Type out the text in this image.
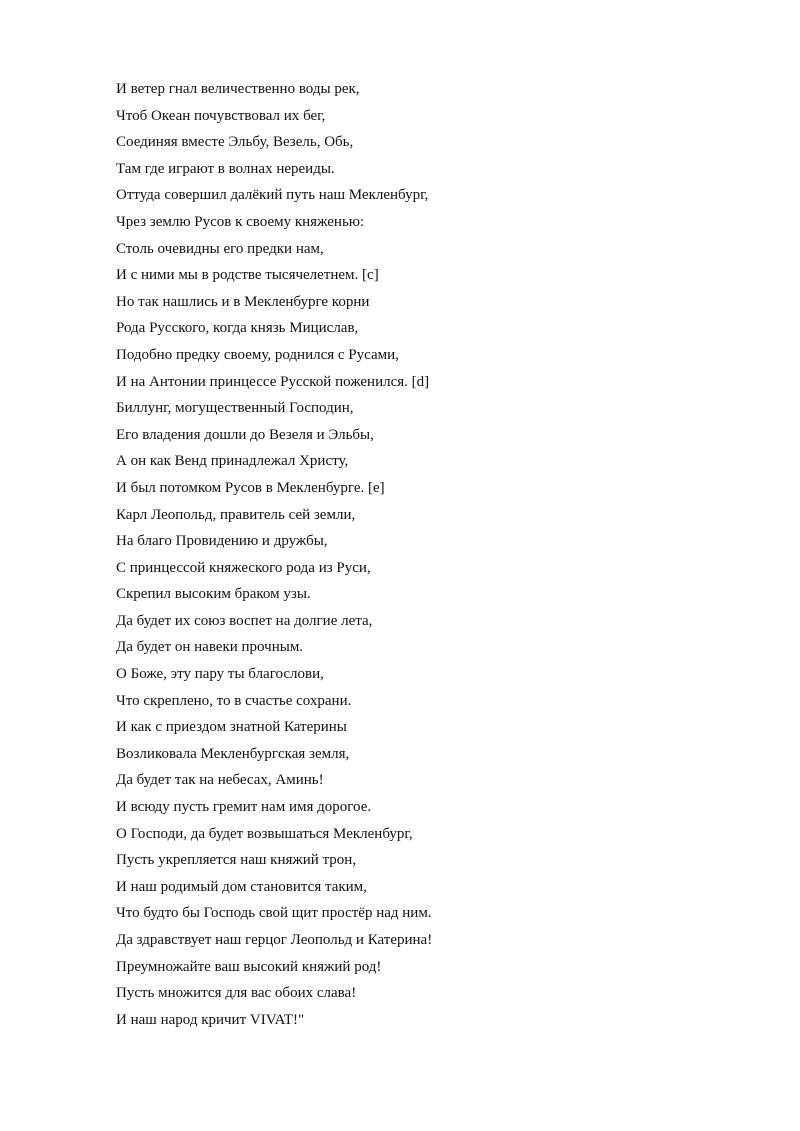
И ветер гнал величественно воды рек,
Чтоб Океан почувствовал их бег,
Соединяя вместе Эльбу, Везель, Обь,
Там где играют в волнах нереиды.
Оттуда совершил далёкий путь наш Мекленбург,
Чрез землю Русов к своему княженью:
Столь очевидны его предки нам,
И с ними мы в родстве тысячелетнем. [c]
Но так нашлись и в Мекленбурге корни
Рода Русского, когда князь Мицислав,
Подобно предку своему, роднился с Русами,
И на Антонии принцессе Русской поженился. [d]
Биллунг, могущественный Господин,
Его владения дошли до Везеля и Эльбы,
А он как Венд принадлежал Христу,
И был потомком Русов в Мекленбурге. [e]
Карл Леопольд, правитель сей земли,
На благо Провидению и дружбы,
С принцессой княжеского рода из Руси,
Скрепил высоким браком узы.
Да будет их союз воспет на долгие лета,
Да будет он навеки прочным.
О Боже, эту пару ты благослови,
Что скреплено, то в счастье сохрани.
И как с приездом знатной Катерины
Возликовала Мекленбургская земля,
Да будет так на небесах, Аминь!
И всюду пусть гремит нам имя дорогое.
О Господи, да будет возвышаться Мекленбург,
Пусть укрепляется наш княжий трон,
И наш родимый дом становится таким,
Что будто бы Господь свой щит простёр над ним.
Да здравствует наш герцог Леопольд и Катерина!
Преумножайте ваш высокий княжий род!
Пусть множится для вас обоих слава!
И наш народ кричит VIVAT!"
